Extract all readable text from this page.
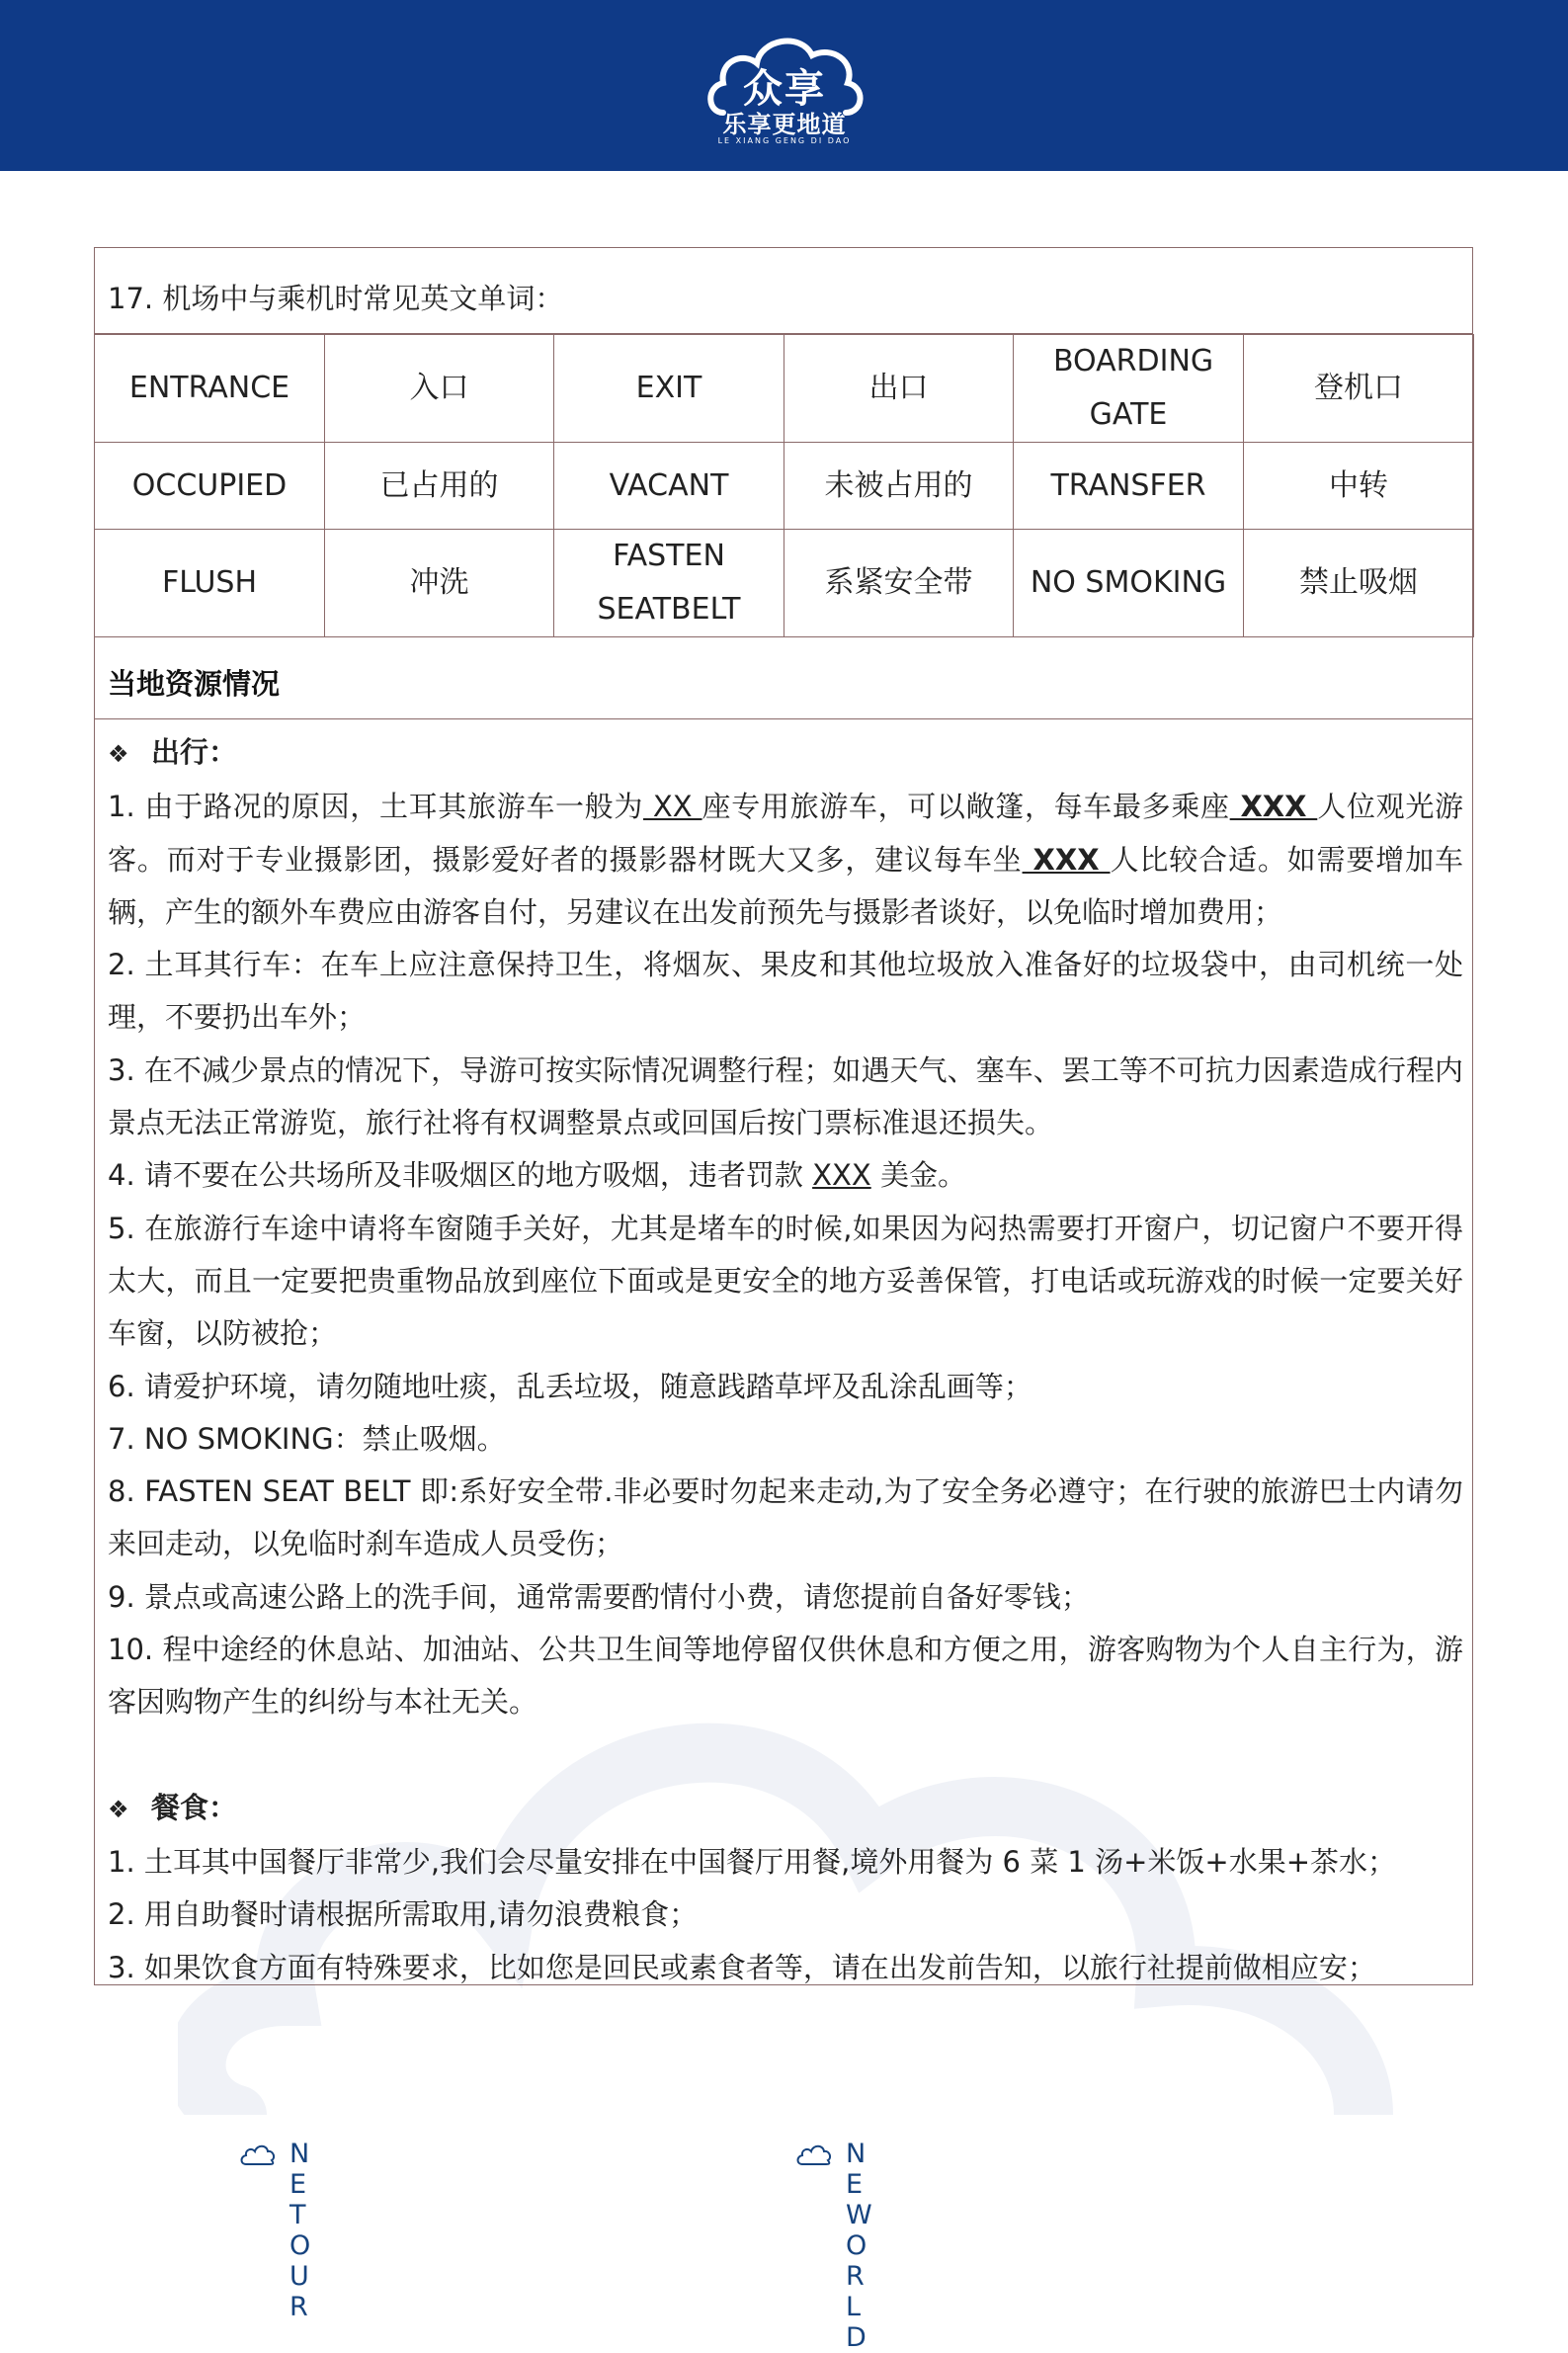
众享
乐享更地道
LE XIANG GENG DI DAO
17. 机场中与乘机时常见英文单词：
ENTRANCE	入口	EXIT	出口	BOARDING GATE	登机口
OCCUPIED	已占用的	VACANT	未被占用的	TRANSFER	中转
FLUSH	冲洗	FASTEN SEATBELT	系紧安全带	NO SMOKING	禁止吸烟
当地资源情况

❖ 出行：

1. 由于路况的原因，土耳其旅游车一般为 XX 座专用旅游车，可以敞篷，每车最多乘座 XXX 人位观光游客。而对于专业摄影团，摄影爱好者的摄影器材既大又多，建议每车坐 XXX 人比较合适。如需要增加车辆，产生的额外车费应由游客自付，另建议在出发前预先与摄影者谈好，以免临时增加费用；

2. 土耳其行车：在车上应注意保持卫生，将烟灰、果皮和其他垃圾放入准备好的垃圾袋中，由司机统一处理，不要扔出车外；

3. 在不减少景点的情况下，导游可按实际情况调整行程；如遇天气、塞车、罢工等不可抗力因素造成行程内景点无法正常游览，旅行社将有权调整景点或回国后按门票标准退还损失。

4. 请不要在公共场所及非吸烟区的地方吸烟，违者罚款 XXX 美金。

5. 在旅游行车途中请将车窗随手关好，尤其是堵车的时候,如果因为闷热需要打开窗户，切记窗户不要开得太大，而且一定要把贵重物品放到座位下面或是更安全的地方妥善保管，打电话或玩游戏的时候一定要关好车窗，以防被抢；

6. 请爱护环境，请勿随地吐痰，乱丢垃圾，随意践踏草坪及乱涂乱画等；

7. NO SMOKING：禁止吸烟。

8. FASTEN SEAT BELT 即:系好安全带.非必要时勿起来走动,为了安全务必遵守；在行驶的旅游巴士内请勿来回走动，以免临时刹车造成人员受伤；

9. 景点或高速公路上的洗手间，通常需要酌情付小费，请您提前自备好零钱；

10. 程中途经的休息站、加油站、公共卫生间等地停留仅供休息和方便之用，游客购物为个人自主行为，游客因购物产生的纠纷与本社无关。

❖ 餐食：

1. 土耳其中国餐厅非常少,我们会尽量安排在中国餐厅用餐,境外用餐为 6 菜 1 汤+米饭+水果+茶水；

2. 用自助餐时请根据所需取用,请勿浪费粮食；

3. 如果饮食方面有特殊要求，比如您是回民或素食者等，请在出发前告知，以旅行社提前做相应安；

NETOUR
NEWORLD
